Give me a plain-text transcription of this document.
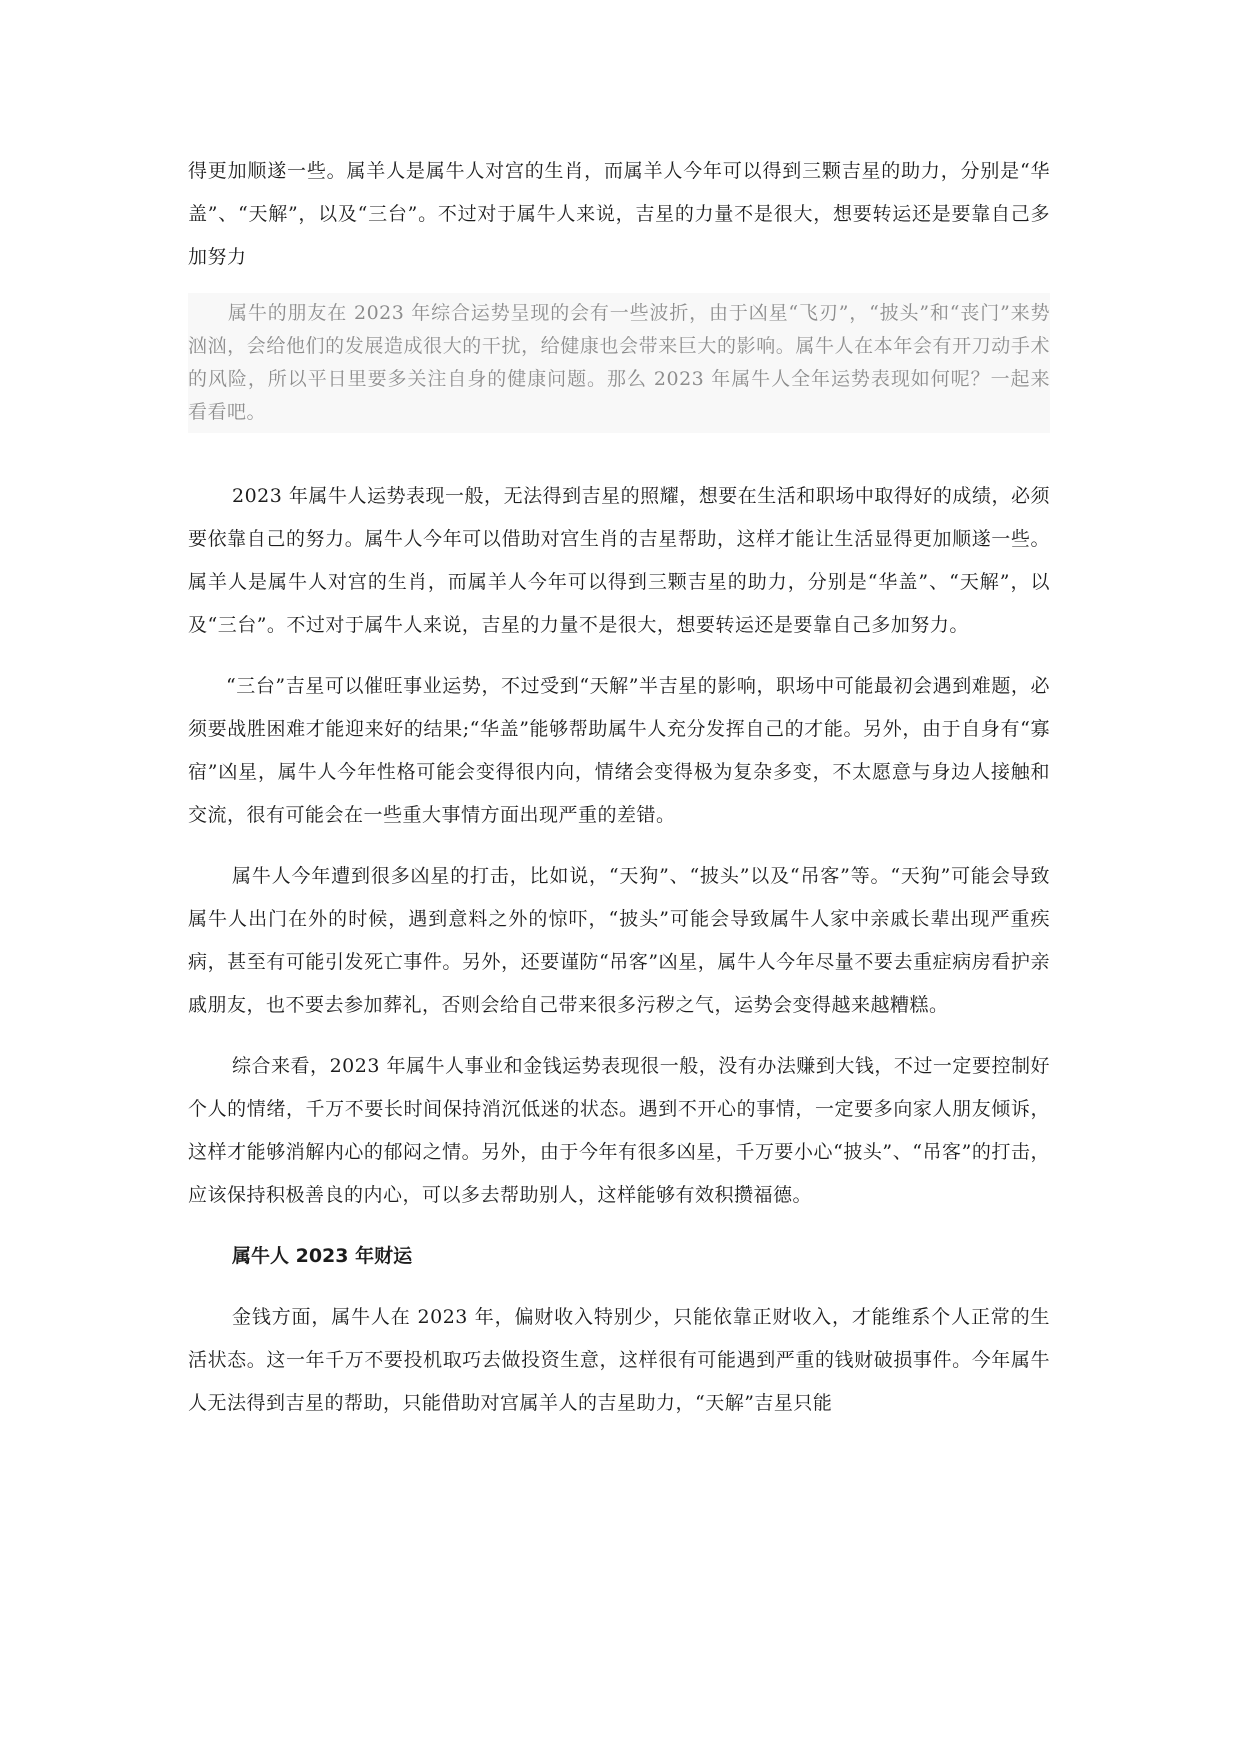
得更加顺遂一些。属羊人是属牛人对宫的生肖，而属羊人今年可以得到三颗吉星的助力，分别是“华盖”、“天解”，以及“三台”。不过对于属牛人来说，吉星的力量不是很大，想要转运还是要靠自己多加努力

属牛的朋友在 2023 年综合运势呈现的会有一些波折，由于凶星“飞刃”，“披头”和“丧门”来势汹汹，会给他们的发展造成很大的干扰，给健康也会带来巨大的影响。属牛人在本年会有开刀动手术的风险，所以平日里要多关注自身的健康问题。那么 2023 年属牛人全年运势表现如何呢？一起来看看吧。

2023 年属牛人运势表现一般，无法得到吉星的照耀，想要在生活和职场中取得好的成绩，必须要依靠自己的努力。属牛人今年可以借助对宫生肖的吉星帮助，这样才能让生活显得更加顺遂一些。属羊人是属牛人对宫的生肖，而属羊人今年可以得到三颗吉星的助力，分别是“华盖”、“天解”，以及“三台”。不过对于属牛人来说，吉星的力量不是很大，想要转运还是要靠自己多加努力。

“三台”吉星可以催旺事业运势，不过受到“天解”半吉星的影响，职场中可能最初会遇到难题，必须要战胜困难才能迎来好的结果;“华盖”能够帮助属牛人充分发挥自己的才能。另外，由于自身有“寡宿”凶星，属牛人今年性格可能会变得很内向，情绪会变得极为复杂多变，不太愿意与身边人接触和交流，很有可能会在一些重大事情方面出现严重的差错。

属牛人今年遭到很多凶星的打击，比如说，“天狗”、“披头”以及“吊客”等。“天狗”可能会导致属牛人出门在外的时候，遇到意料之外的惊吓，“披头”可能会导致属牛人家中亲戚长辈出现严重疾病，甚至有可能引发死亡事件。另外，还要谨防“吊客”凶星，属牛人今年尽量不要去重症病房看护亲戚朋友，也不要去参加葬礼，否则会给自己带来很多污秽之气，运势会变得越来越糟糕。

综合来看，2023 年属牛人事业和金钱运势表现很一般，没有办法赚到大钱，不过一定要控制好个人的情绪，千万不要长时间保持消沉低迷的状态。遇到不开心的事情，一定要多向家人朋友倾诉，这样才能够消解内心的郁闷之情。另外，由于今年有很多凶星，千万要小心“披头”、“吊客”的打击，应该保持积极善良的内心，可以多去帮助别人，这样能够有效积攒福德。

属牛人 2023 年财运

金钱方面，属牛人在 2023 年，偏财收入特别少，只能依靠正财收入，才能维系个人正常的生活状态。这一年千万不要投机取巧去做投资生意，这样很有可能遇到严重的钱财破损事件。今年属牛人无法得到吉星的帮助，只能借助对宫属羊人的吉星助力，“天解”吉星只能
